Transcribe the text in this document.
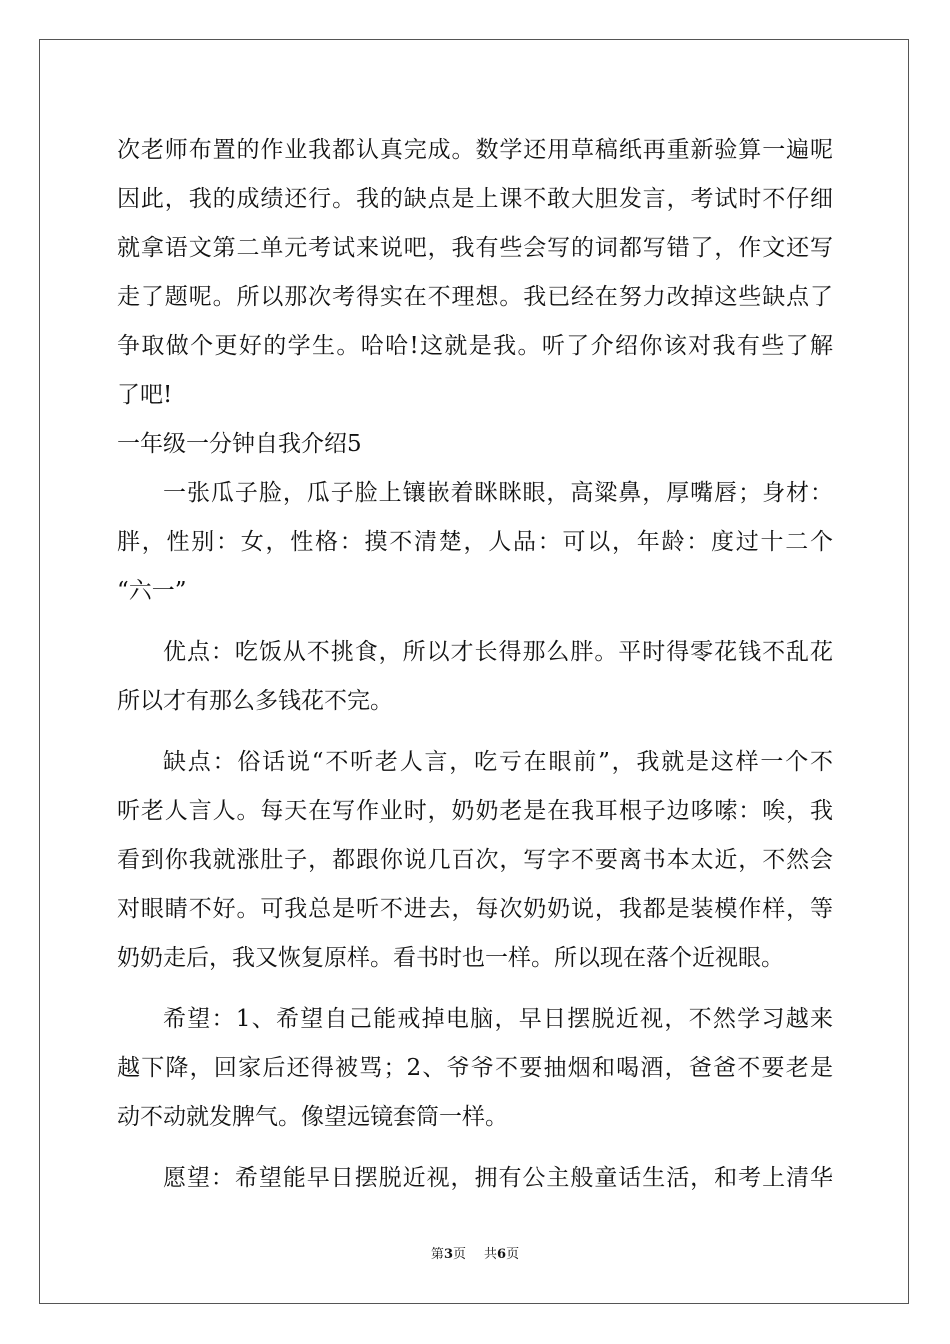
次老师布置的作业我都认真完成。数学还用草稿纸再重新验算一遍呢
因此，我的成绩还行。我的缺点是上课不敢大胆发言，考试时不仔细
就拿语文第二单元考试来说吧，我有些会写的词都写错了，作文还写
走了题呢。所以那次考得实在不理想。我已经在努力改掉这些缺点了
争取做个更好的学生。哈哈!这就是我。听了介绍你该对我有些了解
了吧!
一年级一分钟自我介绍5
一张瓜子脸，瓜子脸上镶嵌着眯眯眼，高粱鼻，厚嘴唇；身材：
胖，性别：女，性格：摸不清楚，人品：可以，年龄：度过十二个
“六一”
优点：吃饭从不挑食，所以才长得那么胖。平时得零花钱不乱花
所以才有那么多钱花不完。
缺点：俗话说“不听老人言，吃亏在眼前”，我就是这样一个不
听老人言人。每天在写作业时，奶奶老是在我耳根子边哆嗦：唉，我
看到你我就涨肚子，都跟你说几百次，写字不要离书本太近，不然会
对眼睛不好。可我总是听不进去，每次奶奶说，我都是装模作样，等
奶奶走后，我又恢复原样。看书时也一样。所以现在落个近视眼。
希望：1、希望自己能戒掉电脑，早日摆脱近视，不然学习越来
越下降，回家后还得被骂；2、爷爷不要抽烟和喝酒，爸爸不要老是
动不动就发脾气。像望远镜套筒一样。
愿望：希望能早日摆脱近视，拥有公主般童话生活，和考上清华
第3页 共6页
